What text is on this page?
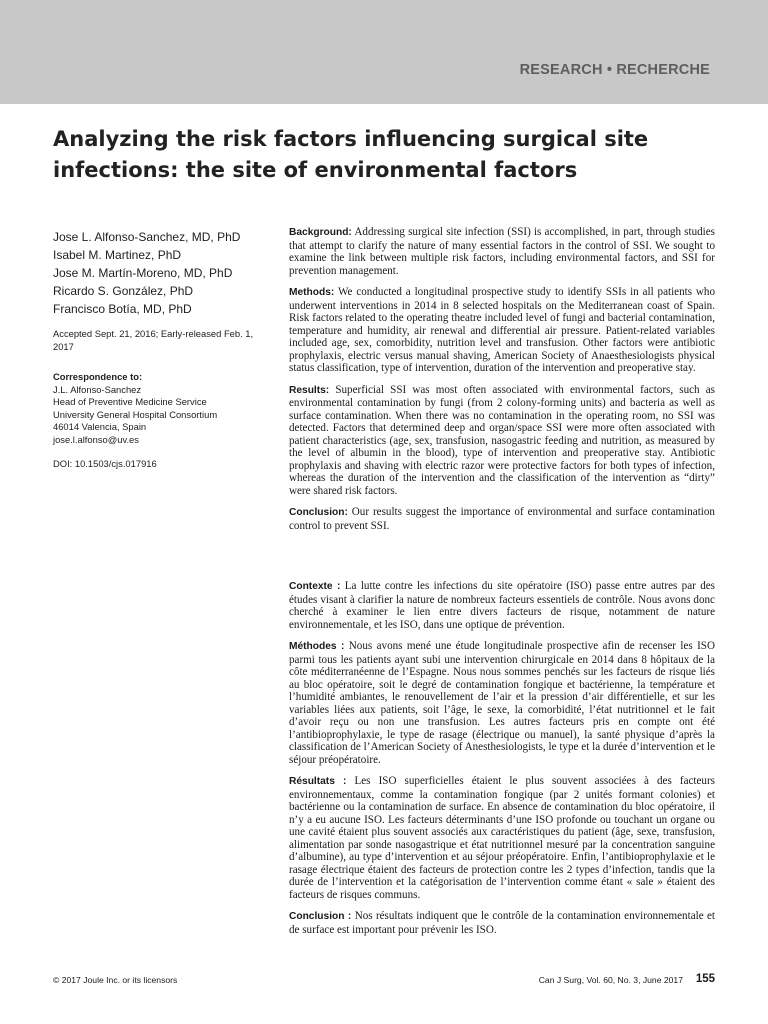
RESEARCH • RECHERCHE
Analyzing the risk factors influencing surgical site infections: the site of environmental factors
Jose L. Alfonso-Sanchez, MD, PhD
Isabel M. Martinez, PhD
Jose M. Martín-Moreno, MD, PhD
Ricardo S. González, PhD
Francisco Botía, MD, PhD
Accepted Sept. 21, 2016; Early-released Feb. 1, 2017
Correspondence to:
J.L. Alfonso-Sanchez
Head of Preventive Medicine Service
University General Hospital Consortium
46014 Valencia, Spain
jose.l.alfonso@uv.es
DOI: 10.1503/cjs.017916

Background: Addressing surgical site infection (SSI) is accomplished, in part, through studies that attempt to clarify the nature of many essential factors in the control of SSI. We sought to examine the link between multiple risk factors, including environmental factors, and SSI for prevention management.

Methods: We conducted a longitudinal prospective study to identify SSIs in all patients who underwent interventions in 2014 in 8 selected hospitals on the Mediterranean coast of Spain. Risk factors related to the operating theatre included level of fungi and bacterial contamination, temperature and humidity, air renewal and differential air pressure. Patient-related variables included age, sex, comorbidity, nutrition level and transfusion. Other factors were antibiotic prophylaxis, electric versus manual shaving, American Society of Anaesthesiologists physical status classification, type of intervention, duration of the intervention and preoperative stay.

Results: Superficial SSI was most often associated with environmental factors, such as environmental contamination by fungi (from 2 colony-forming units) and bacteria as well as surface contamination. When there was no contamination in the operating room, no SSI was detected. Factors that determined deep and organ/space SSI were more often associated with patient characteristics (age, sex, transfusion, nasogastric feeding and nutrition, as measured by the level of albumin in the blood), type of intervention and preoperative stay. Antibiotic prophylaxis and shaving with electric razor were protective factors for both types of infection, whereas the duration of the intervention and the classification of the intervention as “dirty” were shared risk factors.

Conclusion: Our results suggest the importance of environmental and surface contamination control to prevent SSI.

Contexte : La lutte contre les infections du site opératoire (ISO) passe entre autres par des études visant à clarifier la nature de nombreux facteurs essentiels de contrôle. Nous avons donc cherché à examiner le lien entre divers facteurs de risque, notamment de nature environnementale, et les ISO, dans une optique de prévention.

Méthodes : Nous avons mené une étude longitudinale prospective afin de recenser les ISO parmi tous les patients ayant subi une intervention chirurgicale en 2014 dans 8 hôpitaux de la côte méditerranéenne de l’Espagne. Nous nous sommes penchés sur les facteurs de risque liés au bloc opératoire, soit le degré de contamination fongique et bactérienne, la température et l’humidité ambiantes, le renouvellement de l’air et la pression d’air différentielle, et sur les variables liées aux patients, soit l’âge, le sexe, la comorbidité, l’état nutritionnel et le fait d’avoir reçu ou non une transfusion. Les autres facteurs pris en compte ont été l’antibioprophylaxie, le type de rasage (électrique ou manuel), la santé physique d’après la classification de l’American Society of Anesthesiologists, le type et la durée d’intervention et le séjour préopératoire.

Résultats : Les ISO superficielles étaient le plus souvent associées à des facteurs environnementaux, comme la contamination fongique (par 2 unités formant colonies) et bactérienne ou la contamination de surface. En absence de contamination du bloc opératoire, il n’y a eu aucune ISO. Les facteurs déterminants d’une ISO profonde ou touchant un organe ou une cavité étaient plus souvent associés aux caractéristiques du patient (âge, sexe, transfusion, alimentation par sonde nasogastrique et état nutritionnel mesuré par la concentration sanguine d’albumine), au type d’intervention et au séjour préopératoire. Enfin, l’antibioprophylaxie et le rasage électrique étaient des facteurs de protection contre les 2 types d’infection, tandis que la durée de l’intervention et la catégorisation de l’intervention comme étant « sale » étaient des facteurs de risques communs.

Conclusion : Nos résultats indiquent que le contrôle de la contamination environnementale et de surface est important pour prévenir les ISO.

© 2017 Joule Inc. or its licensors	Can J Surg, Vol. 60, No. 3, June 2017 155
